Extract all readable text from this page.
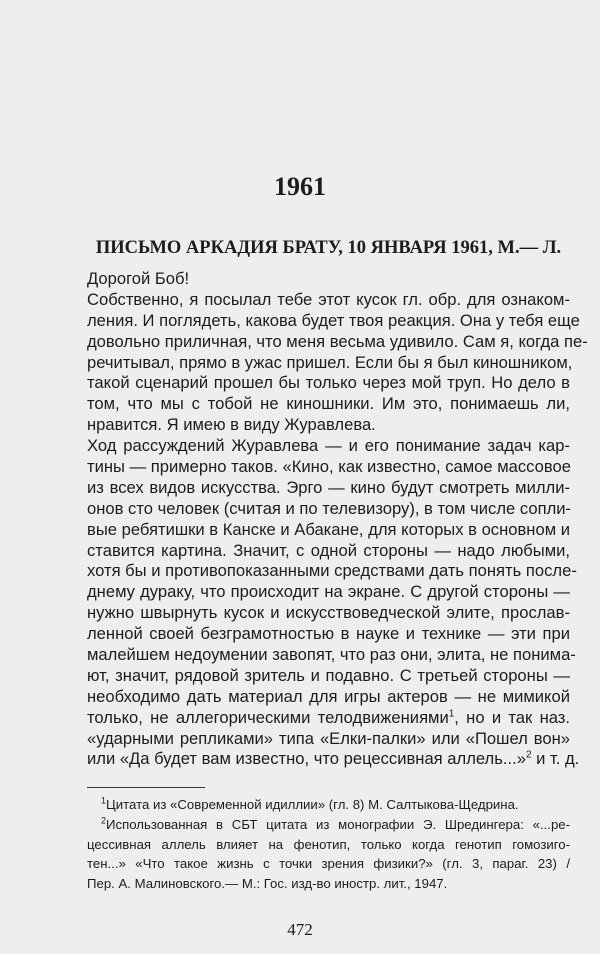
1961
ПИСЬМО АРКАДИЯ БРАТУ, 10 ЯНВАРЯ 1961, М.— Л.
Дорогой Боб!
Собственно, я посылал тебе этот кусок гл. обр. для ознаком-
ления. И поглядеть, какова будет твоя реакция. Она у тебя еще
довольно приличная, что меня весьма удивило. Сам я, когда пе-
речитывал, прямо в ужас пришел. Если бы я был киношником,
такой сценарий прошел бы только через мой труп. Но дело в
том, что мы с тобой не киношники. Им это, понимаешь ли,
нравится. Я имею в виду Журавлева.
Ход рассуждений Журавлева — и его понимание задач кар-
тины — примерно таков. «Кино, как известно, самое массовое
из всех видов искусства. Эрго — кино будут смотреть милли-
онов сто человек (считая и по телевизору), в том числе сопли-
вые ребятишки в Канске и Абакане, для которых в основном и
ставится картина. Значит, с одной стороны — надо любыми,
хотя бы и противопоказанными средствами дать понять после-
днему дураку, что происходит на экране. С другой стороны —
нужно швырнуть кусок и искусствоведческой элите, прослав-
ленной своей безграмотностью в науке и технике — эти при
малейшем недоумении завопят, что раз они, элита, не понима-
ют, значит, рядовой зритель и подавно. С третьей стороны —
необходимо дать материал для игры актеров — не мимикой
только, не аллегорическими телодвижениями$^1$, но и так наз.
«ударными репликами» типа «Елки-палки» или «Пошел вон»
или «Да будет вам известно, что рецессивная аллель...»$^2$ и т. д.
$^1$Цитата из «Современной идиллии» (гл. 8) М. Салтыкова-Щедрина.
$^2$Использованная в СБТ цитата из монографии Э. Шредингера: «...ре-
цессивная аллель влияет на фенотип, только когда генотип гомозиго-
тен...» «Что такое жизнь с точки зрения физики?» (гл. 3, параг. 23) /
Пер. А. Малиновского.— М.: Гос. изд-во иностр. лит., 1947.
472
